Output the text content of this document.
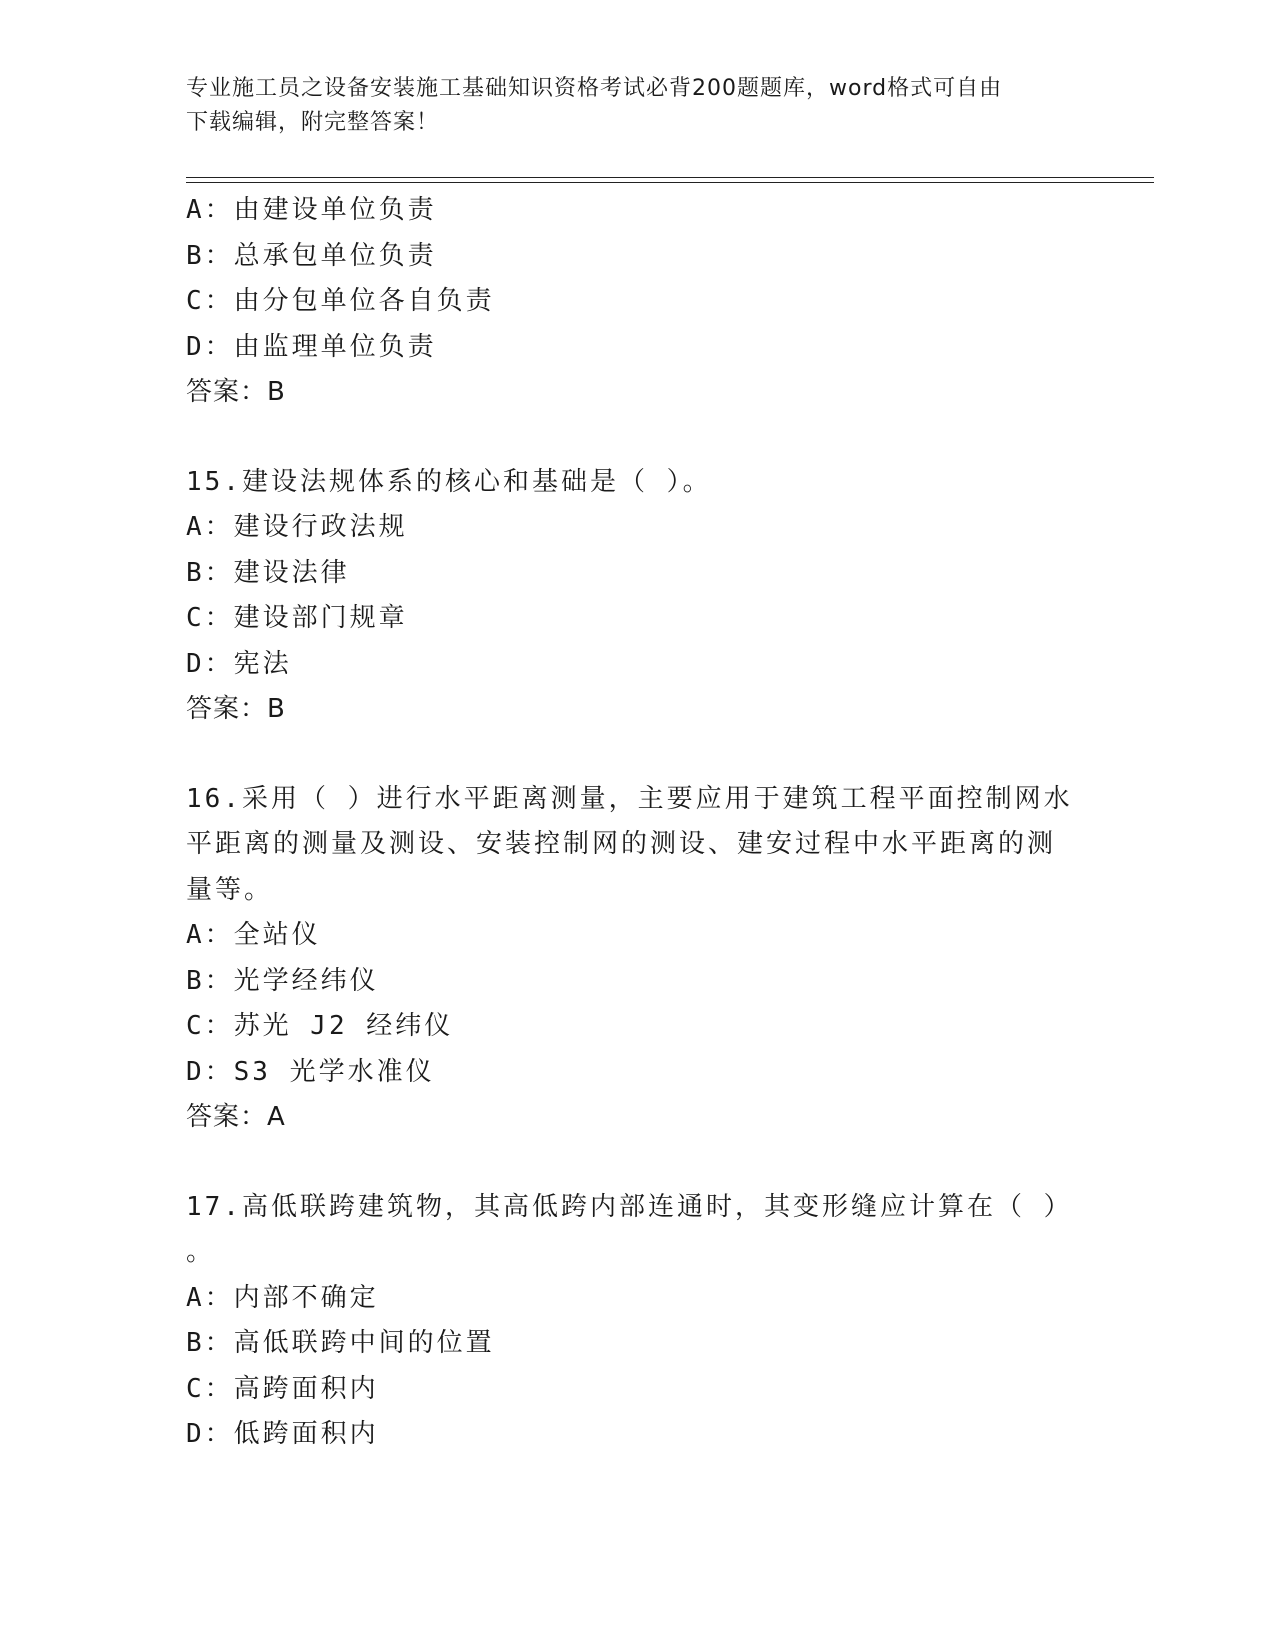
专业施工员之设备安装施工基础知识资格考试必背200题题库，word格式可自由
下载编辑，附完整答案！
A：由建设单位负责
B：总承包单位负责
C：由分包单位各自负责
D：由监理单位负责
答案：B
15.建设法规体系的核心和基础是（ ）。
A：建设行政法规
B：建设法律
C：建设部门规章
D：宪法
答案：B
16.采用（ ）进行水平距离测量，主要应用于建筑工程平面控制网水
平距离的测量及测设、安装控制网的测设、建安过程中水平距离的测
量等。
A：全站仪
B：光学经纬仪
C：苏光 J2 经纬仪
D：S3 光学水准仪
答案：A
17.高低联跨建筑物，其高低跨内部连通时，其变形缝应计算在（ ）
。
A：内部不确定
B：高低联跨中间的位置
C：高跨面积内
D：低跨面积内
